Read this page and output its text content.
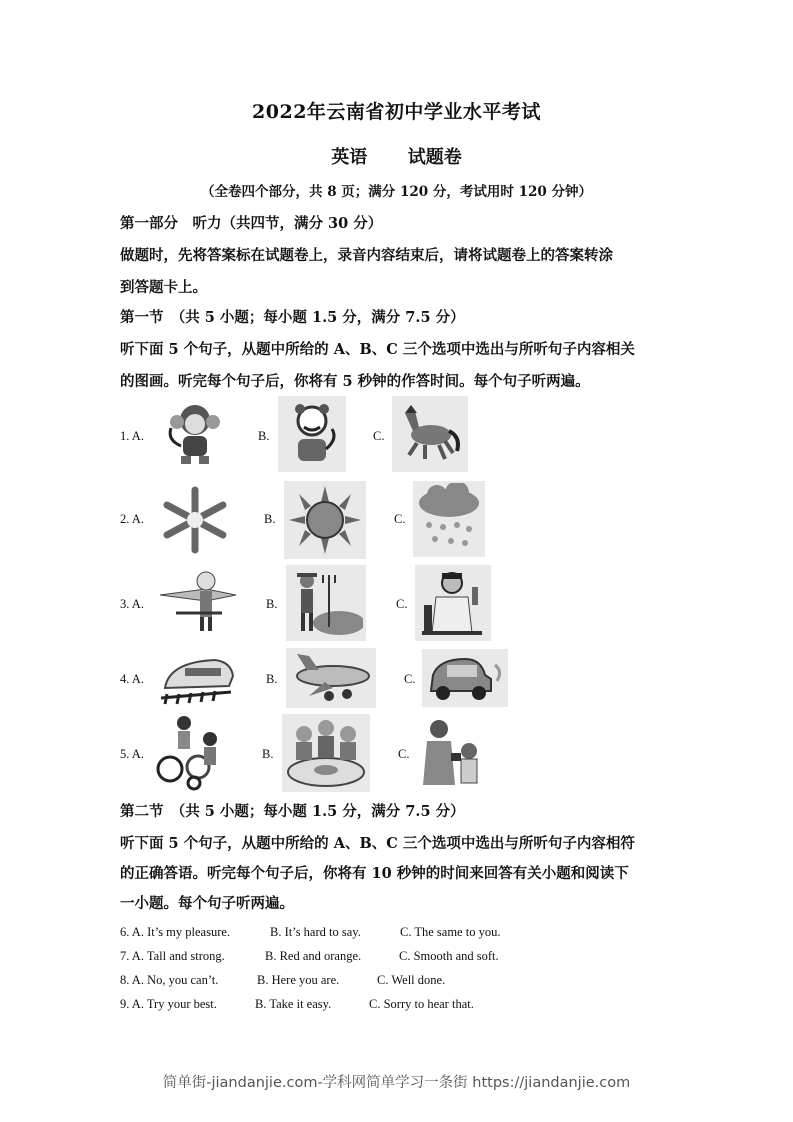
2022年云南省初中学业水平考试
英语 试题卷
（全卷四个部分，共 8 页；满分 120 分，考试用时 120 分钟）
第一部分　听力（共四节，满分 30 分）
做题时，先将答案标在试题卷上，录音内容结束后，请将试题卷上的答案转涂
到答题卡上。
第一节　（共 5 小题；每小题 1.5 分，满分 7.5 分）
听下面 5 个句子，从题中所给的 A、B、C 三个选项中选出与所听句子内容相关
的图画。听完每个句子后，你将有 5 秒钟的作答时间。每个句子听两遍。
1. A.	B.	C.
2. A.	B.	C.
3. A.	B.	C.
4. A.	B.	C.
5. A.	B.	C.
第二节　（共 5 小题；每小题 1.5 分，满分 7.5 分）
听下面 5 个句子，从题中所给的 A、B、C 三个选项中选出与所听句子内容相符
的正确答语。听完每个句子后，你将有 10 秒钟的时间来回答有关小题和阅读下
一小题。每个句子听两遍。
6. A. It’s my pleasure.	B. It’s hard to say.	C. The same to you.
7. A. Tall and strong.	B. Red and orange.	C. Smooth and soft.
8. A. No, you can’t.	B. Here you are.	C. Well done.
9. A. Try your best.	B. Take it easy.	C. Sorry to hear that.
简单街-jiandanjie.com-学科网简单学习一条街 https://jiandanjie.com
